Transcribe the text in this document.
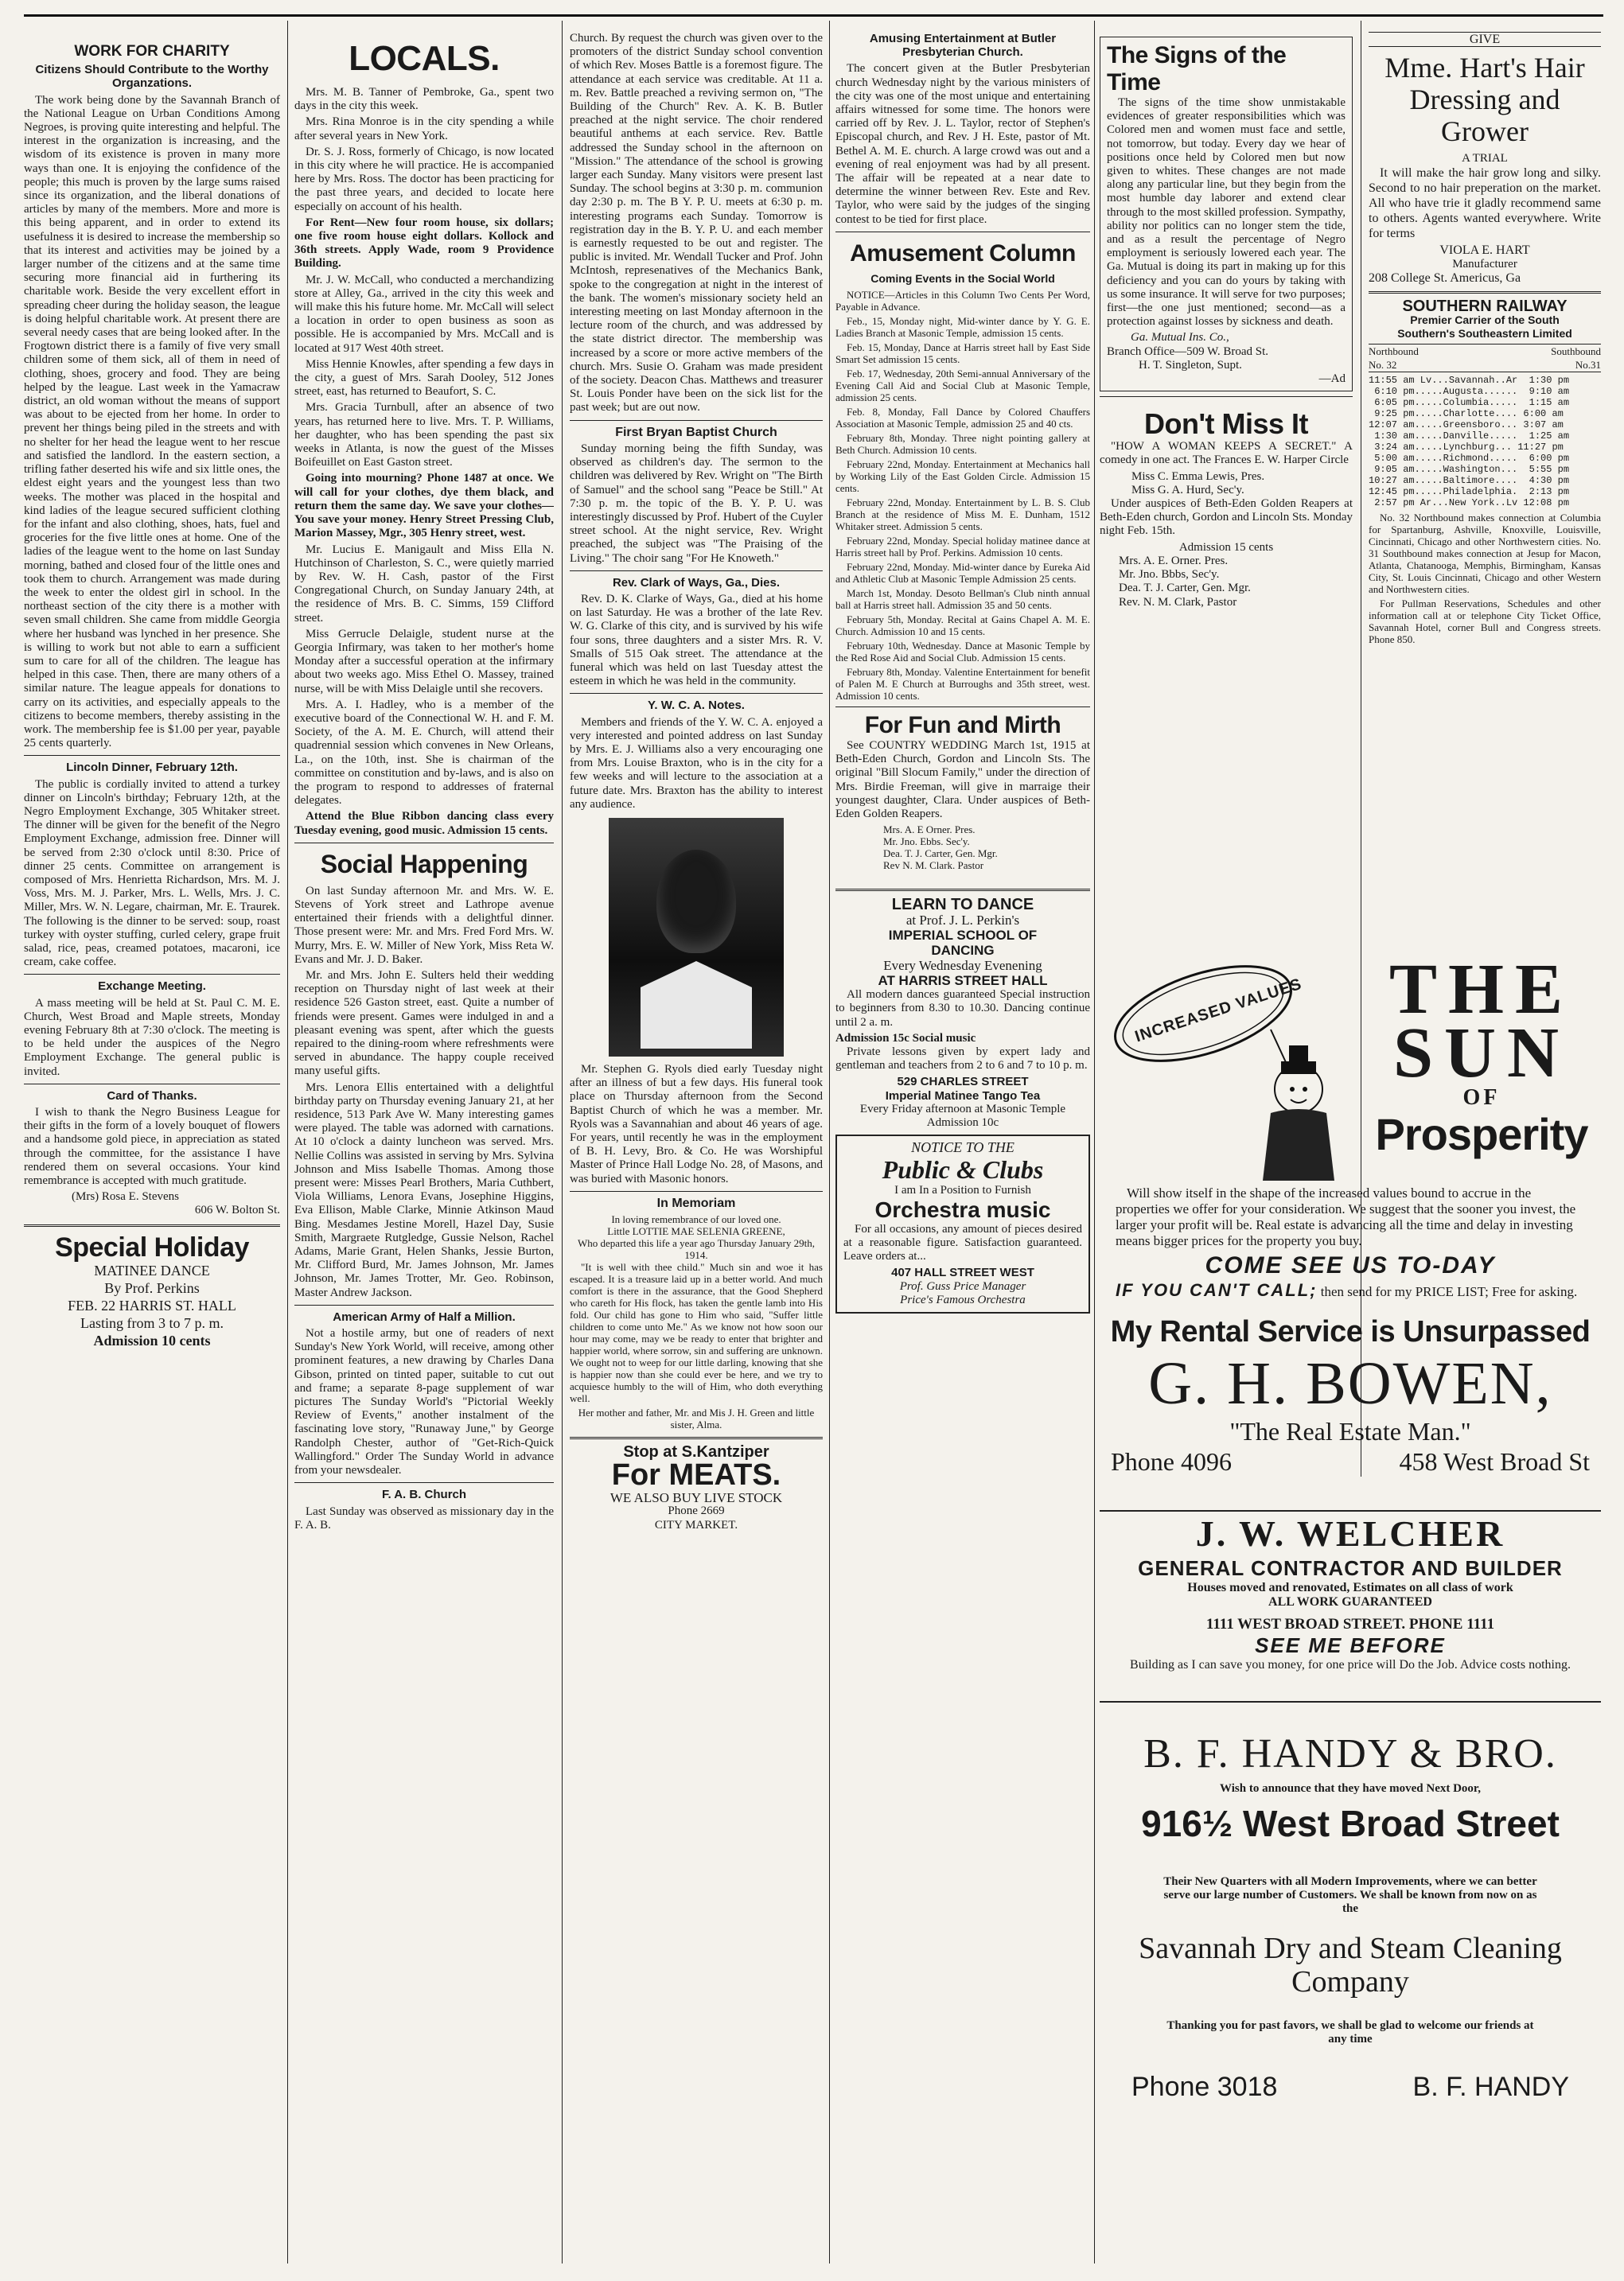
WORK FOR CHARITY
Citizens Should Contribute to the Worthy Organzations.

The work being done by the Savannah Branch of the National League on Urban Conditions Among Negroes, is proving quite interesting and helpful. The interest in the organization is increasing, and the wisdom of its existence is proven in many more ways than one. It is enjoying the confidence of the people; this much is proven by the large sums raised since its organization, and the liberal donations of articles by many of the members. More and more is this being apparent, and in order to extend its usefulness it is desired to increase the membership so that its interest and activities may be joined by a larger number of the citizens and at the same time securing more financial aid in furthering its charitable work. Beside the very excellent effort in spreading cheer during the holiday season, the league is doing helpful charitable work. At present there are several needy cases that are being looked after. In the Frogtown district there is a family of five very small children some of them sick, all of them in need of clothing, shoes, grocery and food. They are being helped by the league. Last week in the Yamacraw district, an old woman without the means of support was about to be ejected from her home. In order to prevent her things being piled in the streets and with no shelter for her head the league went to her rescue and satisfied the landlord. In the eastern section, a trifling father deserted his wife and six little ones, the eldest eight years and the youngest less than two weeks. The mother was placed in the hospital and kind ladies of the league secured sufficient clothing for the infant and also clothing, shoes, hats, fuel and groceries for the five little ones at home. One of the ladies of the league went to the home on last Sunday morning, bathed and closed four of the little ones and took them to church. Arrangement was made during the week to enter the oldest girl in school. In the northeast section of the city there is a mother with seven small children. She came from middle Georgia where her husband was lynched in her presence. She is willing to work but not able to earn a sufficient sum to care for all of the children. The league has helped in this case. Then, there are many others of a similar nature. The league appeals for donations to carry on its activities, and especially appeals to the citizens to become members, thereby assisting in the work. The membership fee is $1.00 per year, payable 25 cents quarterly.

Lincoln Dinner, February 12th.

The public is cordially invited to attend a turkey dinner on Lincoln's birthday; February 12th, at the Negro Employment Exchange, 305 Whitaker street. The dinner will be given for the benefit of the Negro Employment Exchange, admission free. Dinner will be served from 2:30 o'clock until 8:30. Price of dinner 25 cents. Committee on arrangement is composed of Mrs. Henrietta Richardson, Mrs. M. J. Voss, Mrs. M. J. Parker, Mrs. L. Wells, Mrs. J. C. Miller, Mrs. W. N. Legare, chairman, Mr. E. Traurek. The following is the dinner to be served: soup, roast turkey with oyster stuffing, curled celery, grape fruit salad, rice, peas, creamed potatoes, macaroni, ice cream, cake coffee.

Exchange Meeting.

A mass meeting will be held at St. Paul C. M. E. Church, West Broad and Maple streets, Monday evening February 8th at 7:30 o'clock. The meeting is to be held under the auspices of the Negro Employment Exchange. The general public is invited.

Card of Thanks.

I wish to thank the Negro Business League for their gifts in the form of a lovely bouquet of flowers and a handsome gold piece, in appreciation as stated through the committee, for the assistance I have rendered them on several occasions. Your kind remembrance is accepted with much gratitude.

(Mrs) Rosa E. Stevens
606 W. Bolton St.
Special Holiday
MATINEE DANCE
By Prof. Perkins
FEB. 22 HARRIS ST. HALL
Lasting from 3 to 7 p. m.
Admission 10 cents
LOCALS.

Mrs. M. B. Tanner of Pembroke, Ga., spent two days in the city this week.

Mrs. Rina Monroe is in the city spending a while after several years in New York.

Dr. S. J. Ross, formerly of Chicago, is now located in this city where he will practice. He is accompanied here by Mrs. Ross. The doctor has been practicing for the past three years, and decided to locate here especially on account of his health.

For Rent—New four room house, six dollars; one five room house eight dollars. Kollock and 36th streets. Apply Wade, room 9 Providence Building.

Mr. J. W. McCall, who conducted a merchandizing store at Alley, Ga., arrived in the city this week and will make this his future home. Mr. McCall will select a location in order to open business as soon as possible. He is accompanied by Mrs. McCall and is located at 917 West 40th street.

Miss Hennie Knowles, after spending a few days in the city, a guest of Mrs. Sarah Dooley, 512 Jones street, east, has returned to Beaufort, S. C.

Mrs. Gracia Turnbull, after an absence of two years, has returned here to live. Mrs. T. P. Williams, her daughter, who has been spending the past six weeks in Atlanta, is now the guest of the Misses Boifeuillet on East Gaston street.

Going into mourning? Phone 1487 at once. We will call for your clothes, dye them black, and return them the same day. We save your clothes—You save your money. Henry Street Pressing Club, Marion Massey, Mgr., 305 Henry street, west.

Mr. Lucius E. Manigault and Miss Ella N. Hutchinson of Charleston, S. C., were quietly married by Rev. W. H. Cash, pastor of the First Congregational Church, on Sunday January 24th, at the residence of Mrs. B. C. Simms, 159 Clifford street.

Miss Gerrucle Delaigle, student nurse at the Georgia Infirmary, was taken to her mother's home Monday after a successful operation at the infirmary about two weeks ago. Miss Ethel O. Massey, trained nurse, will be with Miss Delaigle until she recovers.

Mrs. A. I. Hadley, who is a member of the executive board of the Connectional W. H. and F. M. Society, of the A. M. E. Church, will attend their quadrennial session which convenes in New Orleans, La., on the 10th, inst. She is chairman of the committee on constitution and by-laws, and is also on the program to respond to addresses of fraternal delegates.

Attend the Blue Ribbon dancing class every Tuesday evening, good music. Admission 15 cents.

Social Happening

On last Sunday afternoon Mr. and Mrs. W. E. Stevens of York street and Lathrope avenue entertained their friends with a delightful dinner. Those present were: Mr. and Mrs. Fred Ford Mrs. W. Murry, Mrs. E. W. Miller of New York, Miss Reta W. Evans and Mr. J. D. Baker.

Mr. and Mrs. John E. Sulters held their wedding reception on Thursday night of last week at their residence 526 Gaston street, east. Quite a number of friends were present. Games were indulged in and a pleasant evening was spent, after which the guests repaired to the dining-room where refreshments were served in abundance. The happy couple received many useful gifts.

Mrs. Lenora Ellis entertained with a delightful birthday party on Thursday evening January 21, at her residence, 513 Park Ave W. Many interesting games were played. The table was adorned with carnations. At 10 o'clock a dainty luncheon was served. Mrs. Nellie Collins was assisted in serving by Mrs. Sylvina Johnson and Miss Isabelle Thomas. Among those present were: Misses Pearl Brothers, Maria Cuthbert, Viola Williams, Lenora Evans, Josephine Higgins, Eva Ellison, Mable Clarke, Minnie Atkinson Maud Bing. Mesdames Jestine Morell, Hazel Day, Susie Smith, Margraete Rutgledge, Gussie Nelson, Rachel Adams, Marie Grant, Helen Shanks, Jessie Burton, Mr. Clifford Burd, Mr. James Johnson, Mr. James Johnson, Mr. James Trotter, Mr. Geo. Robinson, Master Andrew Jackson.

American Army of Half a Million.

Not a hostile army, but one of readers of next Sunday's New York World, will receive, among other prominent features, a new drawing by Charles Dana Gibson, printed on tinted paper, suitable to cut out and frame; a separate 8-page supplement of war pictures The Sunday World's "Pictorial Weekly Review of Events," another instalment of the fascinating love story, "Runaway June," by George Randolph Chester, author of "Get-Rich-Quick Wallingford." Order The Sunday World in advance from your newsdealer.

F. A. B. Church

Last Sunday was observed as missionary day in the F. A. B.

Church. By request the church was given over to the promoters of the district Sunday school convention of which Rev. Moses Battle is a foremost figure. The attendance at each service was creditable. At 11 a. m. Rev. Battle preached a reviving sermon on, "The Building of the Church" Rev. A. K. B. Butler preached at the night service. The choir rendered beautiful anthems at each service. Rev. Battle addressed the Sunday school in the afternoon on "Mission." The attendance of the school is growing larger each Sunday. Many visitors were present last Sunday. The school begins at 3:30 p. m. communion day 2:30 p. m. The B Y. P. U. meets at 6:30 p. m. interesting programs each Sunday. Tomorrow is registration day in the B. Y. P. U. and each member is earnestly requested to be out and register. The public is invited. Mr. Wendall Tucker and Prof. John McIntosh, represenatives of the Mechanics Bank, spoke to the congregation at night in the interest of the bank. The women's missionary society held an interesting meeting on last Monday afternoon in the lecture room of the church, and was addressed by the state district director. The membership was increased by a score or more active members of the church. Mrs. Susie O. Graham was made president of the society. Deacon Chas. Matthews and treasurer St. Louis Ponder have been on the sick list for the past week; but are out now.

First Bryan Baptist Church

Sunday morning being the fifth Sunday, was observed as children's day. The sermon to the children was delivered by Rev. Wright on "The Birth of Samuel" and the school sang "Peace be Still." At 7:30 p. m. the topic of the B. Y. P. U. was interestingly discussed by Prof. Hubert of the Cuyler street school. At the night service, Rev. Wright preached, the subject was "The Praising of the Living." The choir sang "For He Knoweth."

Rev. Clark of Ways, Ga., Dies.

Rev. D. K. Clarke of Ways, Ga., died at his home on last Saturday. He was a brother of the late Rev. W. G. Clarke of this city, and is survived by his wife four sons, three daughters and a sister Mrs. R. V. Smalls of 515 Oak street. The attendance at the funeral which was held on last Tuesday attest the esteem in which he was held in the community.

Y. W. C. A. Notes.

Members and friends of the Y. W. C. A. enjoyed a very interested and pointed address on last Sunday by Mrs. E. J. Williams also a very encouraging one from Mrs. Louise Braxton, who is in the city for a few weeks and will lecture to the association at a future date. Mrs. Braxton has the ability to interest any audience.

Mr. Stephen G. Ryols died early Tuesday night after an illness of but a few days. His funeral took place on Thursday afternoon from the Second Baptist Church of which he was a member. Mr. Ryols was a Savannahian and about 46 years of age. For years, until recently he was in the employment of B. H. Levy, Bro. & Co. He was Worshipful Master of Prince Hall Lodge No. 28, of Masons, and was buried with Masonic honors.

In Memoriam
In loving remembrance of our loved one.
Little LOTTIE MAE SELENIA GREENE,
Who departed this life a year ago Thursday January 29th, 1914.

"It is well with thee child." Much sin and woe it has escaped. It is a treasure laid up in a better world. And much comfort is there in the assurance, that the Good Shepherd who careth for His flock, has taken the gentle lamb into His fold. Our child has gone to Him who said, "Suffer little children to come unto Me." As we know not how soon our hour may come, may we be ready to enter that brighter and happier world, where sorrow, sin and suffering are unknown. We ought not to weep for our little darling, knowing that she is happier now than she could ever be here, and we try to acquiesce humbly to the will of Him, who doth everything well.

Her mother and father, Mr. and Mis J. H. Green and little sister, Alma.
Stop at S.Kantziper
For MEATS.
WE ALSO BUY LIVE STOCK
Phone 2669
CITY MARKET.
Amusing Entertainment at Butler Presbyterian Church.

The concert given at the Butler Presbyterian church Wednesday night by the various ministers of the city was one of the most unique and entertaining affairs witnessed for some time. The honors were carried off by Rev. J. L. Taylor, rector of Stephen's Episcopal church, and Rev. J H. Este, pastor of Mt. Bethel A. M. E. church. A large crowd was out and a evening of real enjoyment was had by all present. The affair will be repeated at a near date to determine the winner between Rev. Este and Rev. Taylor, who were said by the judges of the singing contest to be tied for first place.

Amusement Column
Coming Events in the Social World

NOTICE—Articles in this Column Two Cents Per Word, Payable in Advance.

Feb., 15, Monday night, Mid-winter dance by Y. G. E. Ladies Branch at Masonic Temple, admission 15 cents.

Feb. 15, Monday, Dance at Harris street hall by East Side Smart Set admission 15 cents.

Feb. 17, Wednesday, 20th Semi-annual Anniversary of the Evening Call Aid and Social Club at Masonic Temple, admission 25 cents.

Feb. 8, Monday, Fall Dance by Colored Chauffers Association at Masonic Temple, admission 25 and 40 cts.

February 8th, Monday. Three night pointing gallery at Beth Church. Admission 10 cents.

February 22nd, Monday. Entertainment at Mechanics hall by Working Lily of the East Golden Circle. Admission 15 cents.

February 22nd, Monday. Entertainment by L. B. S. Club Branch at the residence of Miss M. E. Dunham, 1512 Whitaker street. Admission 5 cents.

February 22nd, Monday. Special holiday matinee dance at Harris street hall by Prof. Perkins. Admission 10 cents.

February 22nd, Monday. Mid-winter dance by Eureka Aid and Athletic Club at Masonic Temple Admission 25 cents.

March 1st, Monday. Desoto Bellman's Club ninth annual ball at Harris street hall. Admission 35 and 50 cents.

February 5th, Monday. Recital at Gains Chapel A. M. E. Church. Admission 10 and 15 cents.

February 10th, Wednesday. Dance at Masonic Temple by the Red Rose Aid and Social Club. Admission 15 cents.

February 8th, Monday. Valentine Entertainment for benefit of Palen M. E Church at Burroughs and 35th street, west. Admission 10 cents.

For Fun and Mirth

See COUNTRY WEDDING March 1st, 1915 at Beth-Eden Church, Gordon and Lincoln Sts. The original "Bill Slocum Family," under the direction of Mrs. Birdie Freeman, will give in marraige their youngest daughter, Clara. Under auspices of Beth-Eden Golden Reapers.

Mrs. A. E Orner. Pres.
Mr. Jno. Ebbs. Sec'y.
Dea. T. J. Carter, Gen. Mgr.
Rev N. M. Clark. Pastor
LEARN TO DANCE
at Prof. J. L. Perkin's
IMPERIAL SCHOOL OF
DANCING
Every Wednesday Evenening
AT HARRIS STREET HALL

All modern dances guaranteed Special instruction to beginners from 8.30 to 10.30. Dancing continue until 2 a. m.

Admission 15c Social music

Private lessons given by expert lady and gentleman and teachers from 2 to 6 and 7 to 10 p. m.

529 CHARLES STREET
Imperial Matinee Tango Tea
Every Friday afternoon at Masonic Temple Admission 10c
NOTICE TO THE
Public & Clubs
I am In a Position to Furnish
Orchestra music

For all occasions, any amount of pieces desired at a reasonable figure. Satisfaction guaranteed. Leave orders at...

407 HALL STREET WEST
Prof. Guss Price Manager
Price's Famous Orchestra
The Signs of the Time

The signs of the time show unmistakable evidences of greater responsibilities which was Colored men and women must face and settle, not tomorrow, but today. Every day we hear of positions once held by Colored men but now given to whites. These changes are not made along any particular line, but they begin from the most humble day laborer and extend clear through to the most skilled profession. Sympathy, ability nor politics can no longer stem the tide, and as a result the percentage of Negro employment is seriously lowered each year. The Ga. Mutual is doing its part in making up for this deficiency and you can do yours by taking with us some insurance. It will serve for two purposes; first—the one just mentioned; second—as a protection against losses by sickness and death.

Ga. Mutual Ins. Co.,
Branch Office—509 W. Broad St.
H. T. Singleton, Supt.
—Ad
Don't Miss It

"HOW A WOMAN KEEPS A SECRET." A comedy in one act. The Frances E. W. Harper Circle

Miss C. Emma Lewis, Pres.
Miss G. A. Hurd, Sec'y.

Under auspices of Beth-Eden Golden Reapers at Beth-Eden church, Gordon and Lincoln Sts. Monday night Feb. 15th.

Admission 15 cents
Mrs. A. E. Orner. Pres.
Mr. Jno. Bbbs, Sec'y.
Dea. T. J. Carter, Gen. Mgr.
Rev. N. M. Clark, Pastor
GIVE
Mme. Hart's Hair Dressing and Grower
A TRIAL

It will make the hair grow long and silky. Second to no hair preperation on the market. All who have trie it gladly recommend same to others. Agents wanted everywhere. Write for terms

VIOLA E. HART
Manufacturer
208 College St. Americus, Ga
SOUTHERN RAILWAY
Premier Carrier of the South
Southern's Southeastern Limited
Northbound No. 32
Southbound No.31
11:55 am Lv...Savannah..Ar  1:30 pm
6:10 pm.....Augusta......  9:10 am
6:05 pm.....Columbia.....  1:15 am
9:25 pm.....Charlotte.... 6:00 am
12:07 am.....Greensboro... 3:07 am
1:30 am.....Danville.....  1:25 am
3:24 am.....Lynchburg... 11:27 pm
5:00 am.....Richmond.....  6:00 pm
9:05 am.....Washington...  5:55 pm
10:27 am.....Baltimore....  4:30 pm
12:45 pm.....Philadelphia.  2:13 pm
2:57 pm Ar...New York..Lv 12:08 pm

No. 32 Northbound makes connection at Columbia for Spartanburg, Ashville, Knoxville, Louisville, Cincinnati, Chicago and other Northwestern cities. No. 31 Southbound makes connection at Jesup for Macon, Atlanta, Chatanooga, Memphis, Birmingham, Kansas City, St. Louis Cincinnati, Chicago and other Western and Northwestern cities.

For Pullman Reservations, Schedules and other information call at or telephone City Ticket Office, Savannah Hotel, corner Bull and Congress streets. Phone 850.

INCREASED VALUES THE
SUN
OF
Prosperity

Will show itself in the shape of the increased values bound to accrue in the properties we offer for your consideration. We suggest that the sooner you invest, the larger your profit will be. Real estate is advancing all the time and delay in investing means bigger prices for the property you buy.

COME SEE US TO-DAY
IF YOU CAN'T CALL; then send for my PRICE LIST; Free for asking.
My Rental Service is Unsurpassed
G. H. BOWEN,
"The Real Estate Man."
Phone 4096	458 West Broad St
J. W. WELCHER
GENERAL CONTRACTOR AND BUILDER
Houses moved and renovated, Estimates on all class of work
ALL WORK GUARANTEED
1111 WEST BROAD STREET. PHONE 1111
SEE ME BEFORE
Building as I can save you money, for one price will Do the Job. Advice costs nothing.
B. F. HANDY & BRO.
Wish to announce that they have moved Next Door,
916½ West Broad Street
Their New Quarters with all Modern Improvements, where we can better serve our large number of Customers. We shall be known from now on as the
Savannah Dry and Steam Cleaning Company
Thanking you for past favors, we shall be glad to welcome our friends at any time
Phone 3018	B. F. HANDY
